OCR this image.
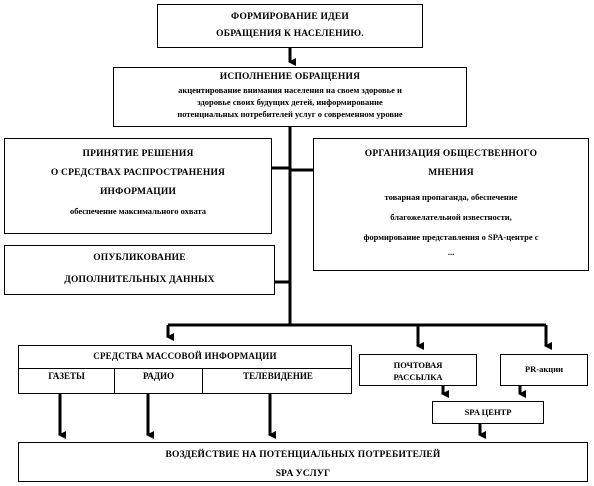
ФОРМИРОВАНИЕ ИДЕИ
ОБРАЩЕНИЯ К НАСЕЛЕНИЮ.
ИСПОЛНЕНИЕ ОБРАЩЕНИЯ
акцентирование внимания населения на своем здоровье и
здоровье своих будущих детей, информирование
потенциальных потребителей услуг о современном уровне
ПРИНЯТИЕ РЕШЕНИЯ
О СРЕДСТВАХ РАСПРОСТРАНЕНИЯ
ИНФОРМАЦИИ
обеспечение максимального охвата
ОРГАНИЗАЦИЯ ОБЩЕСТВЕННОГО
МНЕНИЯ
товарная пропаганда, обеспечение
благожелательной известности,
формирование представления о SPA-центре с
...
ОПУБЛИКОВАНИЕ
ДОПОЛНИТЕЛЬНЫХ ДАННЫХ
СРЕДСТВА МАССОВОЙ ИНФОРМАЦИИ
ГАЗЕТЫ	РАДИО	ТЕЛЕВИДЕНИЕ
ПОЧТОВАЯ
РАССЫЛКА
PR-акции
SPA ЦЕНТР
ВОЗДЕЙСТВИЕ НА ПОТЕНЦИАЛЬНЫХ ПОТРЕБИТЕЛЕЙ
SPA УСЛУГ
